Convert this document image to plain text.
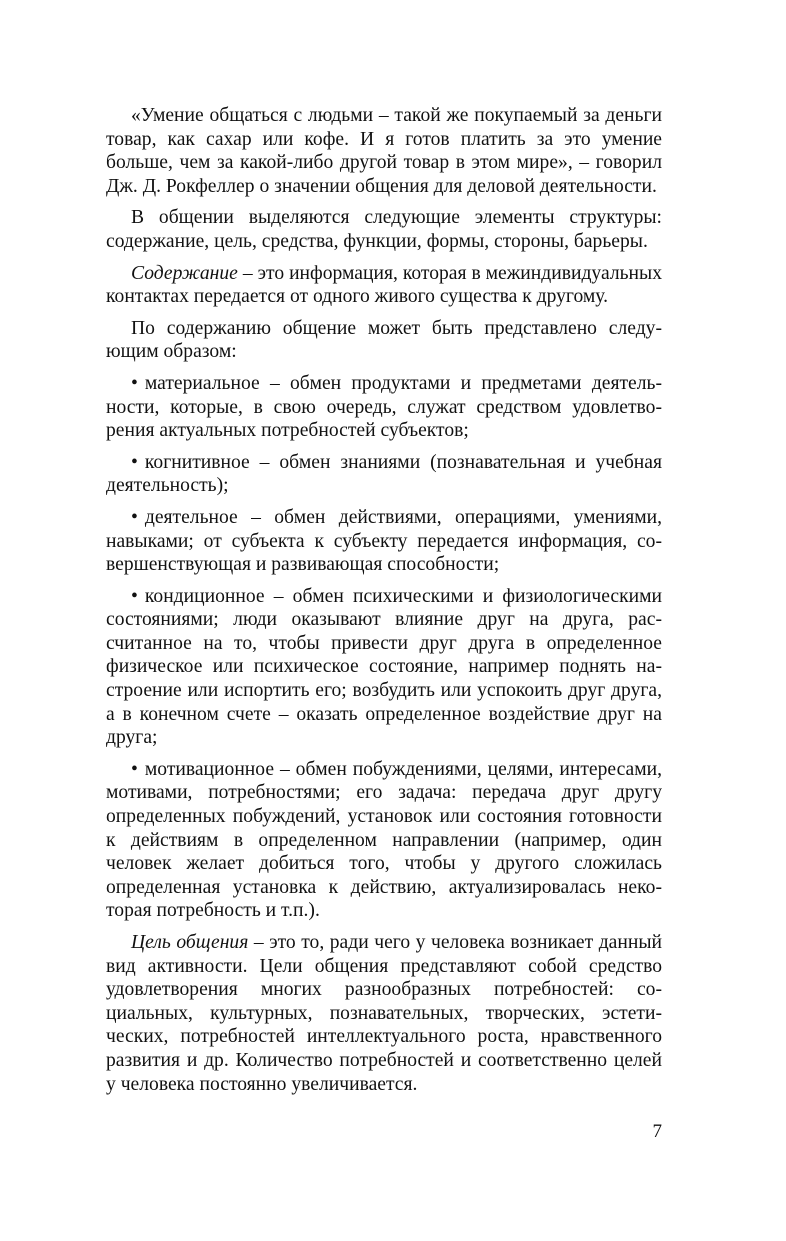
«Умение общаться с людьми – такой же покупаемый за деньги товар, как сахар или кофе. И я готов платить за это умение больше, чем за какой-либо другой товар в этом мире», – говорил Дж. Д. Рокфеллер о значении общения для деловой деятельности.

В общении выделяются следующие элементы структуры: содержание, цель, средства, функции, формы, стороны, барьеры.

Содержание – это информация, которая в межиндивидуальных контактах передается от одного живого существа к другому.

По содержанию общение может быть представлено следующим образом:

• материальное – обмен продуктами и предметами деятельности, которые, в свою очередь, служат средством удовлетворения актуальных потребностей субъектов;

• когнитивное – обмен знаниями (познавательная и учебная деятельность);

• деятельное – обмен действиями, операциями, умениями, навыками; от субъекта к субъекту передается информация, совершенствующая и развивающая способности;

• кондиционное – обмен психическими и физиологическими состояниями; люди оказывают влияние друг на друга, рассчитанное на то, чтобы привести друг друга в определенное физическое или психическое состояние, например поднять настроение или испортить его; возбудить или успокоить друг друга, а в конечном счете – оказать определенное воздействие друг на друга;

• мотивационное – обмен побуждениями, целями, интересами, мотивами, потребностями; его задача: передача друг другу определенных побуждений, установок или состояния готовности к действиям в определенном направлении (например, один человек желает добиться того, чтобы у другого сложилась определенная установка к действию, актуализировалась некоторая потребность и т.п.).

Цель общения – это то, ради чего у человека возникает данный вид активности. Цели общения представляют собой средство удовлетворения многих разнообразных потребностей: социальных, культурных, познавательных, творческих, эстетических, потребностей интеллектуального роста, нравственного развития и др. Количество потребностей и соответственно целей у человека постоянно увеличивается.

7
